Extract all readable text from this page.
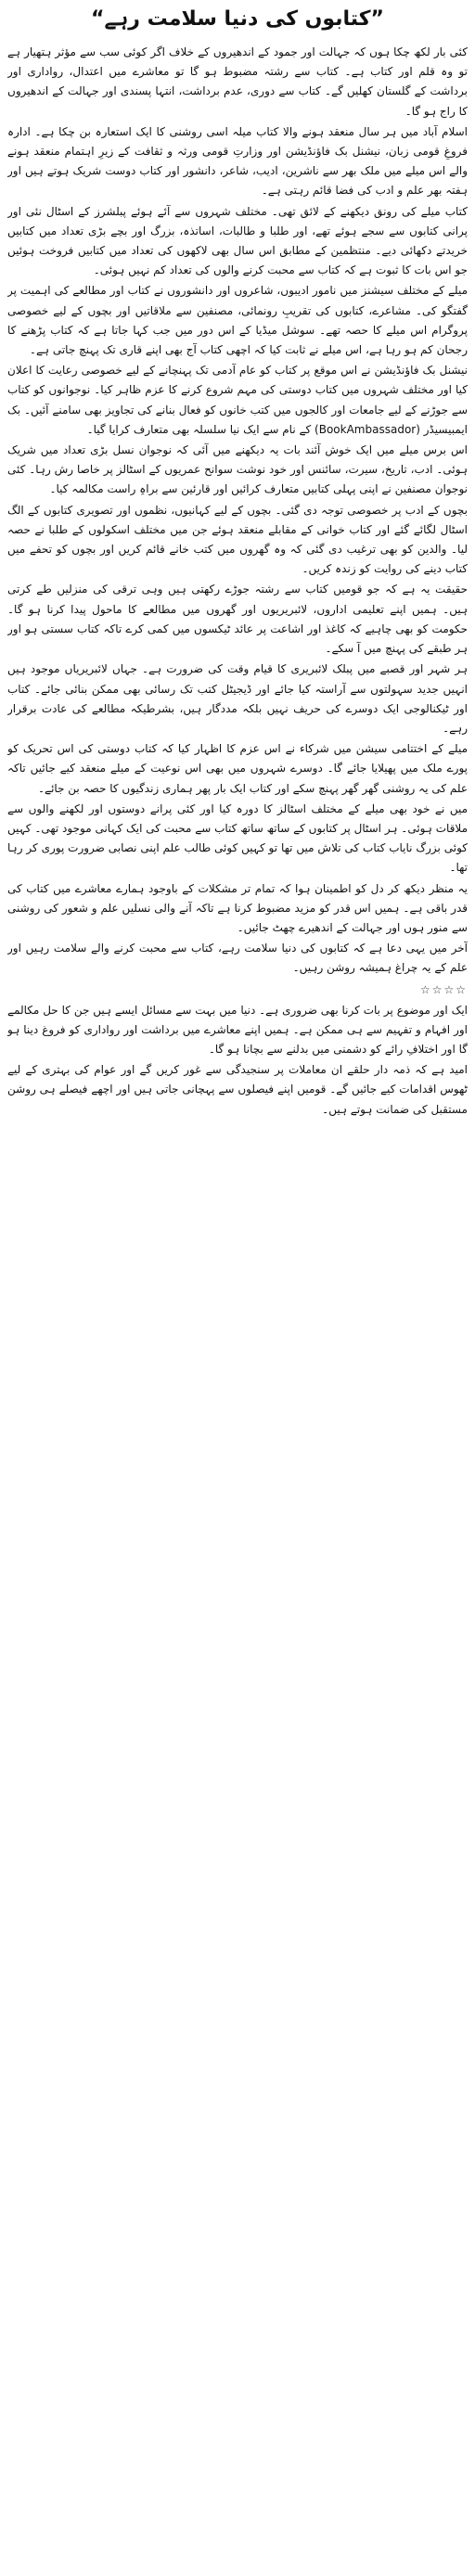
”کتابوں کی دنیا سلامت رہے“

کئی بار لکھ چکا ہوں کہ جہالت اور جمود کے اندھیروں کے خلاف اگر کوئی سب سے مؤثر ہتھیار ہے تو وہ قلم اور کتاب ہے۔ کتاب سے رشتہ مضبوط ہو گا تو معاشرے میں اعتدال، رواداری اور برداشت کے گلستان کھلیں گے۔ کتاب سے دوری، عدم برداشت، انتہا پسندی اور جہالت کے اندھیروں کا راج ہو گا۔

اسلام آباد میں ہر سال منعقد ہونے والا کتاب میلہ اسی روشنی کا ایک استعارہ بن چکا ہے۔ ادارہ فروغِ قومی زبان، نیشنل بک فاؤنڈیشن اور وزارتِ قومی ورثہ و ثقافت کے زیرِ اہتمام منعقد ہونے والے اس میلے میں ملک بھر سے ناشرین، ادیب، شاعر، دانشور اور کتاب دوست شریک ہوتے ہیں اور ہفتہ بھر علم و ادب کی فضا قائم رہتی ہے۔

کتاب میلے کی رونق دیکھنے کے لائق تھی۔ مختلف شہروں سے آئے ہوئے پبلشرز کے اسٹال نئی اور پرانی کتابوں سے سجے ہوئے تھے، اور طلبا و طالبات، اساتذہ، بزرگ اور بچے بڑی تعداد میں کتابیں خریدتے دکھائی دیے۔ منتظمین کے مطابق اس سال بھی لاکھوں کی تعداد میں کتابیں فروخت ہوئیں جو اس بات کا ثبوت ہے کہ کتاب سے محبت کرنے والوں کی تعداد کم نہیں ہوئی۔

میلے کے مختلف سیشنز میں نامور ادیبوں، شاعروں اور دانشوروں نے کتاب اور مطالعے کی اہمیت پر گفتگو کی۔ مشاعرے، کتابوں کی تقریبِ رونمائی، مصنفین سے ملاقاتیں اور بچوں کے لیے خصوصی پروگرام اس میلے کا حصہ تھے۔ سوشل میڈیا کے اس دور میں جب کہا جاتا ہے کہ کتاب پڑھنے کا رجحان کم ہو رہا ہے، اس میلے نے ثابت کیا کہ اچھی کتاب آج بھی اپنے قاری تک پہنچ جاتی ہے۔

نیشنل بک فاؤنڈیشن نے اس موقع پر کتاب کو عام آدمی تک پہنچانے کے لیے خصوصی رعایت کا اعلان کیا اور مختلف شہروں میں کتاب دوستی کی مہم شروع کرنے کا عزم ظاہر کیا۔ نوجوانوں کو کتاب سے جوڑنے کے لیے جامعات اور کالجوں میں کتب خانوں کو فعال بنانے کی تجاویز بھی سامنے آئیں۔ بک ایمبیسیڈر (BookAmbassador) کے نام سے ایک نیا سلسلہ بھی متعارف کرایا گیا۔

اس برس میلے میں ایک خوش آئند بات یہ دیکھنے میں آئی کہ نوجوان نسل بڑی تعداد میں شریک ہوئی۔ ادب، تاریخ، سیرت، سائنس اور خود نوشت سوانح عمریوں کے اسٹالز پر خاصا رش رہا۔ کئی نوجوان مصنفین نے اپنی پہلی کتابیں متعارف کرائیں اور قارئین سے براہِ راست مکالمہ کیا۔

بچوں کے ادب پر خصوصی توجہ دی گئی۔ بچوں کے لیے کہانیوں، نظموں اور تصویری کتابوں کے الگ اسٹال لگائے گئے اور کتاب خوانی کے مقابلے منعقد ہوئے جن میں مختلف اسکولوں کے طلبا نے حصہ لیا۔ والدین کو بھی ترغیب دی گئی کہ وہ گھروں میں کتب خانے قائم کریں اور بچوں کو تحفے میں کتاب دینے کی روایت کو زندہ کریں۔

حقیقت یہ ہے کہ جو قومیں کتاب سے رشتہ جوڑے رکھتی ہیں وہی ترقی کی منزلیں طے کرتی ہیں۔ ہمیں اپنے تعلیمی اداروں، لائبریریوں اور گھروں میں مطالعے کا ماحول پیدا کرنا ہو گا۔ حکومت کو بھی چاہیے کہ کاغذ اور اشاعت پر عائد ٹیکسوں میں کمی کرے تاکہ کتاب سستی ہو اور ہر طبقے کی پہنچ میں آ سکے۔

ہر شہر اور قصبے میں پبلک لائبریری کا قیام وقت کی ضرورت ہے۔ جہاں لائبریریاں موجود ہیں انہیں جدید سہولتوں سے آراستہ کیا جائے اور ڈیجیٹل کتب تک رسائی بھی ممکن بنائی جائے۔ کتاب اور ٹیکنالوجی ایک دوسرے کی حریف نہیں بلکہ مددگار ہیں، بشرطیکہ مطالعے کی عادت برقرار رہے۔

میلے کے اختتامی سیشن میں شرکاء نے اس عزم کا اظہار کیا کہ کتاب دوستی کی اس تحریک کو پورے ملک میں پھیلایا جائے گا۔ دوسرے شہروں میں بھی اس نوعیت کے میلے منعقد کیے جائیں تاکہ علم کی یہ روشنی گھر گھر پہنچ سکے اور کتاب ایک بار پھر ہماری زندگیوں کا حصہ بن جائے۔

میں نے خود بھی میلے کے مختلف اسٹالز کا دورہ کیا اور کئی پرانے دوستوں اور لکھنے والوں سے ملاقات ہوئی۔ ہر اسٹال پر کتابوں کے ساتھ ساتھ کتاب سے محبت کی ایک کہانی موجود تھی۔ کہیں کوئی بزرگ نایاب کتاب کی تلاش میں تھا تو کہیں کوئی طالب علم اپنی نصابی ضرورت پوری کر رہا تھا۔

یہ منظر دیکھ کر دل کو اطمینان ہوا کہ تمام تر مشکلات کے باوجود ہمارے معاشرے میں کتاب کی قدر باقی ہے۔ ہمیں اس قدر کو مزید مضبوط کرنا ہے تاکہ آنے والی نسلیں علم و شعور کی روشنی سے منور ہوں اور جہالت کے اندھیرے چھٹ جائیں۔

آخر میں یہی دعا ہے کہ کتابوں کی دنیا سلامت رہے، کتاب سے محبت کرنے والے سلامت رہیں اور علم کے یہ چراغ ہمیشہ روشن رہیں۔

☆☆☆☆

ایک اور موضوع پر بات کرنا بھی ضروری ہے۔ دنیا میں بہت سے مسائل ایسے ہیں جن کا حل مکالمے اور افہام و تفہیم سے ہی ممکن ہے۔ ہمیں اپنے معاشرے میں برداشت اور رواداری کو فروغ دینا ہو گا اور اختلافِ رائے کو دشمنی میں بدلنے سے بچانا ہو گا۔

امید ہے کہ ذمہ دار حلقے ان معاملات پر سنجیدگی سے غور کریں گے اور عوام کی بہتری کے لیے ٹھوس اقدامات کیے جائیں گے۔ قومیں اپنے فیصلوں سے پہچانی جاتی ہیں اور اچھے فیصلے ہی روشن مستقبل کی ضمانت ہوتے ہیں۔
